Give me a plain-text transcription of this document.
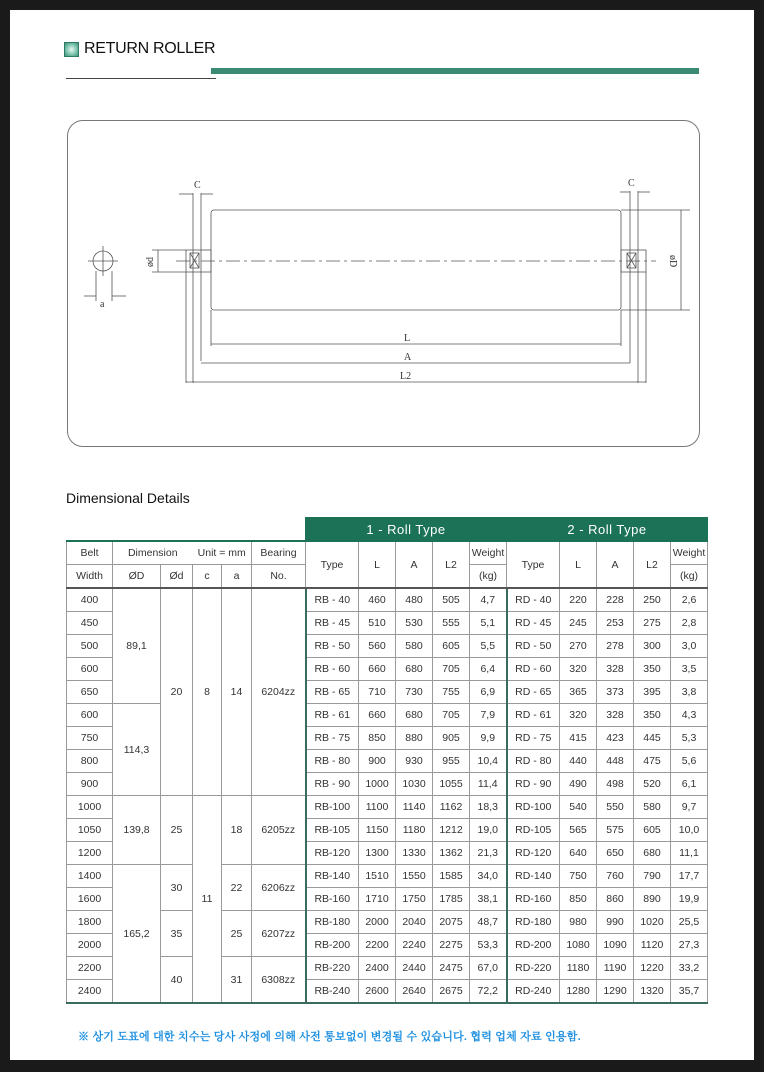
RETURN ROLLER
C	C
ød	øD
a
L
A
L2
Dimensional Details
						1 - Roll Type					2 - Roll Type				
Belt	Dimension		Unit = mm		Bearing	Type	L	A	L2	Weight	Type	L	A	L2	Weight
Width	ØD	Ød	c	a	No.					(kg)					(kg)
400	89,1	20	8	14	6204zz	RB - 40	460	480	505	4,7	RD - 40	220	228	250	2,6
450						RB - 45	510	530	555	5,1	RD - 45	245	253	275	2,8
500						RB - 50	560	580	605	5,5	RD - 50	270	278	300	3,0
600						RB - 60	660	680	705	6,4	RD - 60	320	328	350	3,5
650						RB - 65	710	730	755	6,9	RD - 65	365	373	395	3,8
600	114,3					RB - 61	660	680	705	7,9	RD - 61	320	328	350	4,3
750						RB - 75	850	880	905	9,9	RD - 75	415	423	445	5,3
800						RB - 80	900	930	955	10,4	RD - 80	440	448	475	5,6
900						RB - 90	1000	1030	1055	11,4	RD - 90	490	498	520	6,1
1000	139,8	25	11	18	6205zz	RB-100	1100	1140	1162	18,3	RD-100	540	550	580	9,7
1050						RB-105	1150	1180	1212	19,0	RD-105	565	575	605	10,0
1200						RB-120	1300	1330	1362	21,3	RD-120	640	650	680	11,1
1400	165,2	30		22	6206zz	RB-140	1510	1550	1585	34,0	RD-140	750	760	790	17,7
1600						RB-160	1710	1750	1785	38,1	RD-160	850	860	890	19,9
1800		35		25	6207zz	RB-180	2000	2040	2075	48,7	RD-180	980	990	1020	25,5
2000						RB-200	2200	2240	2275	53,3	RD-200	1080	1090	1120	27,3
2200		40		31	6308zz	RB-220	2400	2440	2475	67,0	RD-220	1180	1190	1220	33,2
2400						RB-240	2600	2640	2675	72,2	RD-240	1280	1290	1320	35,7
※ 상기 도표에 대한 치수는 당사 사정에 의해 사전 통보없이 변경될 수 있습니다. 협력 업체 자료 인용함.
